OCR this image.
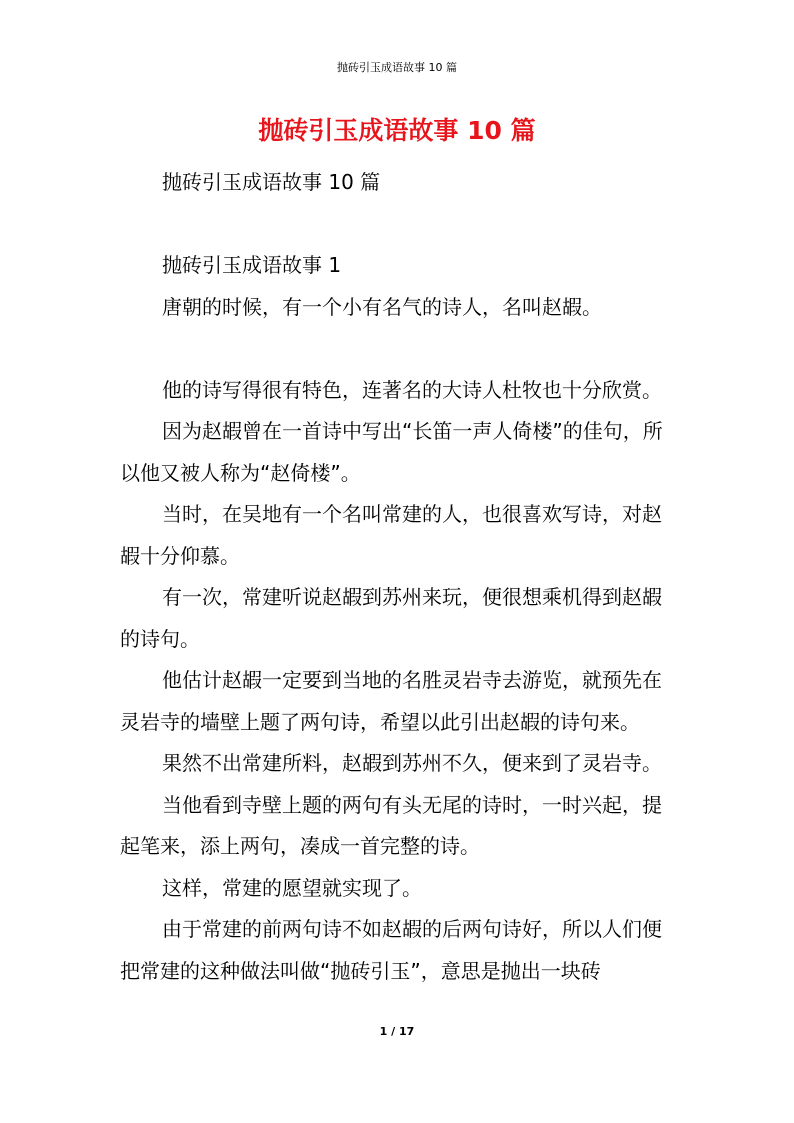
抛砖引玉成语故事 10 篇
抛砖引玉成语故事 10 篇

抛砖引玉成语故事 10 篇

抛砖引玉成语故事 1

唐朝的时候，有一个小有名气的诗人，名叫赵嘏。

他的诗写得很有特色，连著名的大诗人杜牧也十分欣赏。

因为赵嘏曾在一首诗中写出“长笛一声人倚楼”的佳句，所以他又被人称为“赵倚楼”。

当时，在吴地有一个名叫常建的人，也很喜欢写诗，对赵嘏十分仰慕。

有一次，常建听说赵嘏到苏州来玩，便很想乘机得到赵嘏的诗句。

他估计赵嘏一定要到当地的名胜灵岩寺去游览，就预先在灵岩寺的墙壁上题了两句诗，希望以此引出赵嘏的诗句来。

果然不出常建所料，赵嘏到苏州不久，便来到了灵岩寺。

当他看到寺壁上题的两句有头无尾的诗时，一时兴起，提起笔来，添上两句，凑成一首完整的诗。

这样，常建的愿望就实现了。

由于常建的前两句诗不如赵嘏的后两句诗好，所以人们便把常建的这种做法叫做“抛砖引玉”，意思是抛出一块砖

1 / 17
